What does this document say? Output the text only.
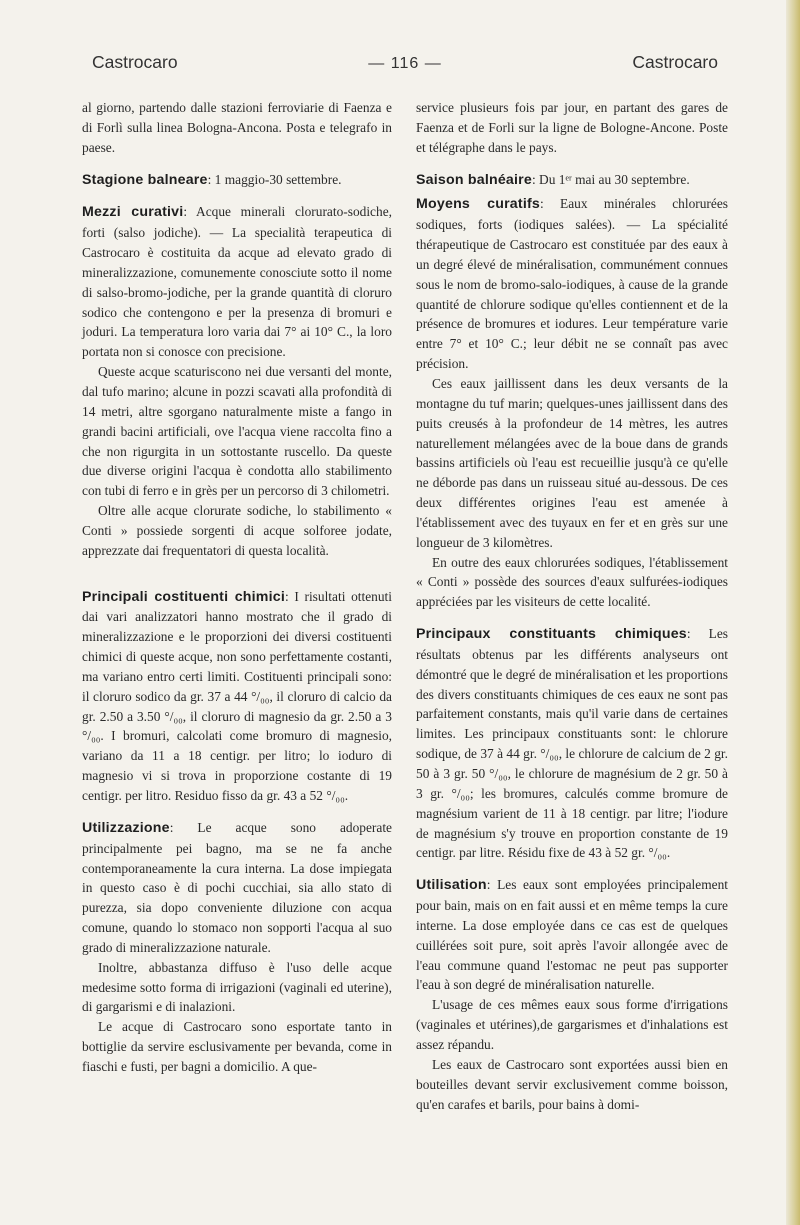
Castrocaro	— 116 —	Castrocaro

al giorno, partendo dalle stazioni ferroviarie di Faenza e di Forlì sulla linea Bologna-Ancona. Posta e telegrafo in paese.

Stagione balneare: 1 maggio-30 settembre.

Mezzi curativi: Acque minerali clorurato-sodiche, forti (salso jodiche). — La specialità terapeutica di Castrocaro è costituita da acque ad elevato grado di mineralizzazione, comunemente conosciute sotto il nome di salso-bromo-jodiche, per la grande quantità di cloruro sodico che contengono e per la presenza di bromuri e joduri. La temperatura loro varia dai 7° ai 10° C., la loro portata non si conosce con precisione.

Queste acque scaturiscono nei due versanti del monte, dal tufo marino; alcune in pozzi scavati alla profondità di 14 metri, altre sgorgano naturalmente miste a fango in grandi bacini artificiali, ove l'acqua viene raccolta fino a che non rigurgita in un sottostante ruscello. Da queste due diverse origini l'acqua è condotta allo stabilimento con tubi di ferro e in grès per un percorso di 3 chilometri.

Oltre alle acque clorurate sodiche, lo stabilimento « Conti » possiede sorgenti di acque solforee jodate, apprezzate dai frequentatori di questa località.

Principali costituenti chimici: I risultati ottenuti dai vari analizzatori hanno mostrato che il grado di mineralizzazione e le proporzioni dei diversi costituenti chimici di queste acque, non sono perfettamente costanti, ma variano entro certi limiti. Costituenti principali sono: il cloruro sodico da gr. 37 a 44 °/₀₀, il cloruro di calcio da gr. 2.50 a 3.50 °/₀₀, il cloruro di magnesio da gr. 2.50 a 3 °/₀₀. I bromuri, calcolati come bromuro di magnesio, variano da 11 a 18 centigr. per litro; lo ioduro di magnesio vi si trova in proporzione costante di 19 centigr. per litro. Residuo fisso da gr. 43 a 52 °/₀₀.

Utilizzazione: Le acque sono adoperate principalmente pei bagno, ma se ne fa anche contemporaneamente la cura interna. La dose impiegata in questo caso è di pochi cucchiai, sia allo stato di purezza, sia dopo conveniente diluzione con acqua comune, quando lo stomaco non sopporti l'acqua al suo grado di mineralizzazione naturale.

Inoltre, abbastanza diffuso è l'uso delle acque medesime sotto forma di irrigazioni (vaginali ed uterine), di gargarismi e di inalazioni.

Le acque di Castrocaro sono esportate tanto in bottiglie da servire esclusivamente per bevanda, come in fiaschi e fusti, per bagni a domicilio. A que-

service plusieurs fois par jour, en partant des gares de Faenza et de Forli sur la ligne de Bologne-Ancone. Poste et télégraphe dans le pays.

Saison balnéaire: Du 1ᵉʳ mai au 30 septembre.

Moyens curatifs: Eaux minérales chlorurées sodiques, forts (iodiques salées). — La spécialité thérapeutique de Castrocaro est constituée par des eaux à un degré élevé de minéralisation, communément connues sous le nom de bromo-salo-iodiques, à cause de la grande quantité de chlorure sodique qu'elles contiennent et de la présence de bromures et iodures. Leur température varie entre 7° et 10° C.; leur débit ne se connaît pas avec précision.

Ces eaux jaillissent dans les deux versants de la montagne du tuf marin; quelques-unes jaillissent dans des puits creusés à la profondeur de 14 mètres, les autres naturellement mélangées avec de la boue dans de grands bassins artificiels où l'eau est recueillie jusqu'à ce qu'elle ne déborde pas dans un ruisseau situé au-dessous. De ces deux différentes origines l'eau est amenée à l'établissement avec des tuyaux en fer et en grès sur une longueur de 3 kilomètres.

En outre des eaux chlorurées sodiques, l'établissement « Conti » possède des sources d'eaux sulfurées-iodiques appréciées par les visiteurs de cette localité.

Principaux constituants chimiques: Les résultats obtenus par les différents analyseurs ont démontré que le degré de minéralisation et les proportions des divers constituants chimiques de ces eaux ne sont pas parfaitement constants, mais qu'il varie dans de certaines limites. Les principaux constituants sont: le chlorure sodique, de 37 à 44 gr. °/₀₀, le chlorure de calcium de 2 gr. 50 à 3 gr. 50 °/₀₀, le chlorure de magnésium de 2 gr. 50 à 3 gr. °/₀₀; les bromures, calculés comme bromure de magnésium varient de 11 à 18 centigr. par litre; l'iodure de magnésium s'y trouve en proportion constante de 19 centigr. par litre. Résidu fixe de 43 à 52 gr. °/₀₀.

Utilisation: Les eaux sont employées principalement pour bain, mais on en fait aussi et en même temps la cure interne. La dose employée dans ce cas est de quelques cuillérées soit pure, soit après l'avoir allongée avec de l'eau commune quand l'estomac ne peut pas supporter l'eau à son degré de minéralisation naturelle.

L'usage de ces mêmes eaux sous forme d'irrigations (vaginales et utérines),de gargarismes et d'inhalations est assez répandu.

Les eaux de Castrocaro sont exportées aussi bien en bouteilles devant servir exclusivement comme boisson, qu'en carafes et barils, pour bains à domi-
